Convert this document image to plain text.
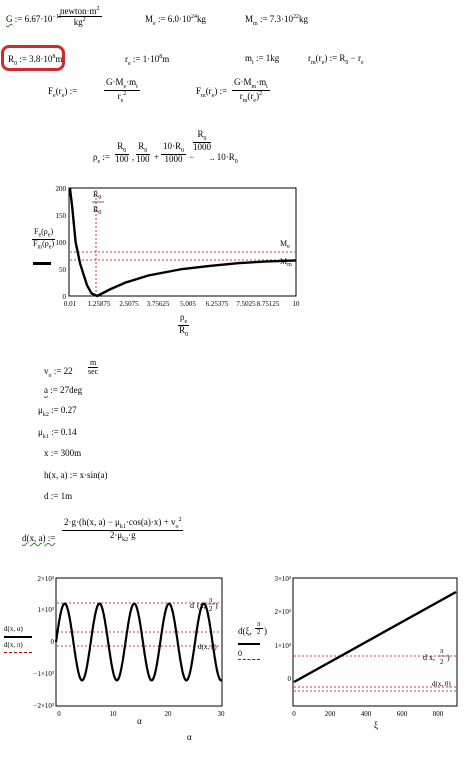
G := $6.67\cdot 10^{-11}$
$newton\cdot m^2$
$kg^2$	$M_e$ := $6.0\cdot 10^{24}kg$	$M_m$ := $7.3\cdot 10^{22}kg$
$R_0$ := $3.8\cdot 10^8m$	$r_e$ := $1\cdot 10^8m$	$m_t$ := 1kg	$r_m(r_e)$ := $R_0 - r_e$
$F_e(r_e)$ :=	$\frac{G\cdot M_e\cdot m_t}{r_e^2}$	$F_m(r_e)$ := $\frac{G\cdot M_m\cdot m_t}{r_m(r_e)^2}$
$\rho_e$ := $\frac{R_0}{100}$ , $\frac{R_0}{100} + \frac{10\cdot R_0}{1000}$ −
$\frac{R_0}{1000}$
.. $10\cdot R_0$
$\frac{F_e(\rho_e)}{F_m(\rho_e)}$
200
150
100
50
0
0.01 1.25875 2.5075 3.75625 5.005 6.25375 7.5025 8.75125 10
$R_0$
$R_0$
$M_e$
$M_m$
$\frac{\rho_e}{R_0}$
$v_o$ := 22
m
sec
a := 27deg
$\mu_{k2}$ := 0.27
$\mu_{k1}$ := 0.14
x := 300m
h(x, a) := x·sin(a)
d := 1m
d(x, a) := $\frac{2\cdot g\cdot(h(x, a) - \mu_{k1}\cdot\cos(a)\cdot x) + v_o^2}{2\cdot\mu_{k2}\cdot g}$
d(x, α)
d(x, π)
2×10³
1×10³
0
−1×10³
−2×10³
0	10	20	30
d (x,
π
2 )
d(x, π)
α
α
d(ξ, $\frac{\pi}{2}$ )
0
3×10³
2×10³
1×10³
0
0	200	400	600	800
d x,
π
2 )
d(x, 0)
ξ
